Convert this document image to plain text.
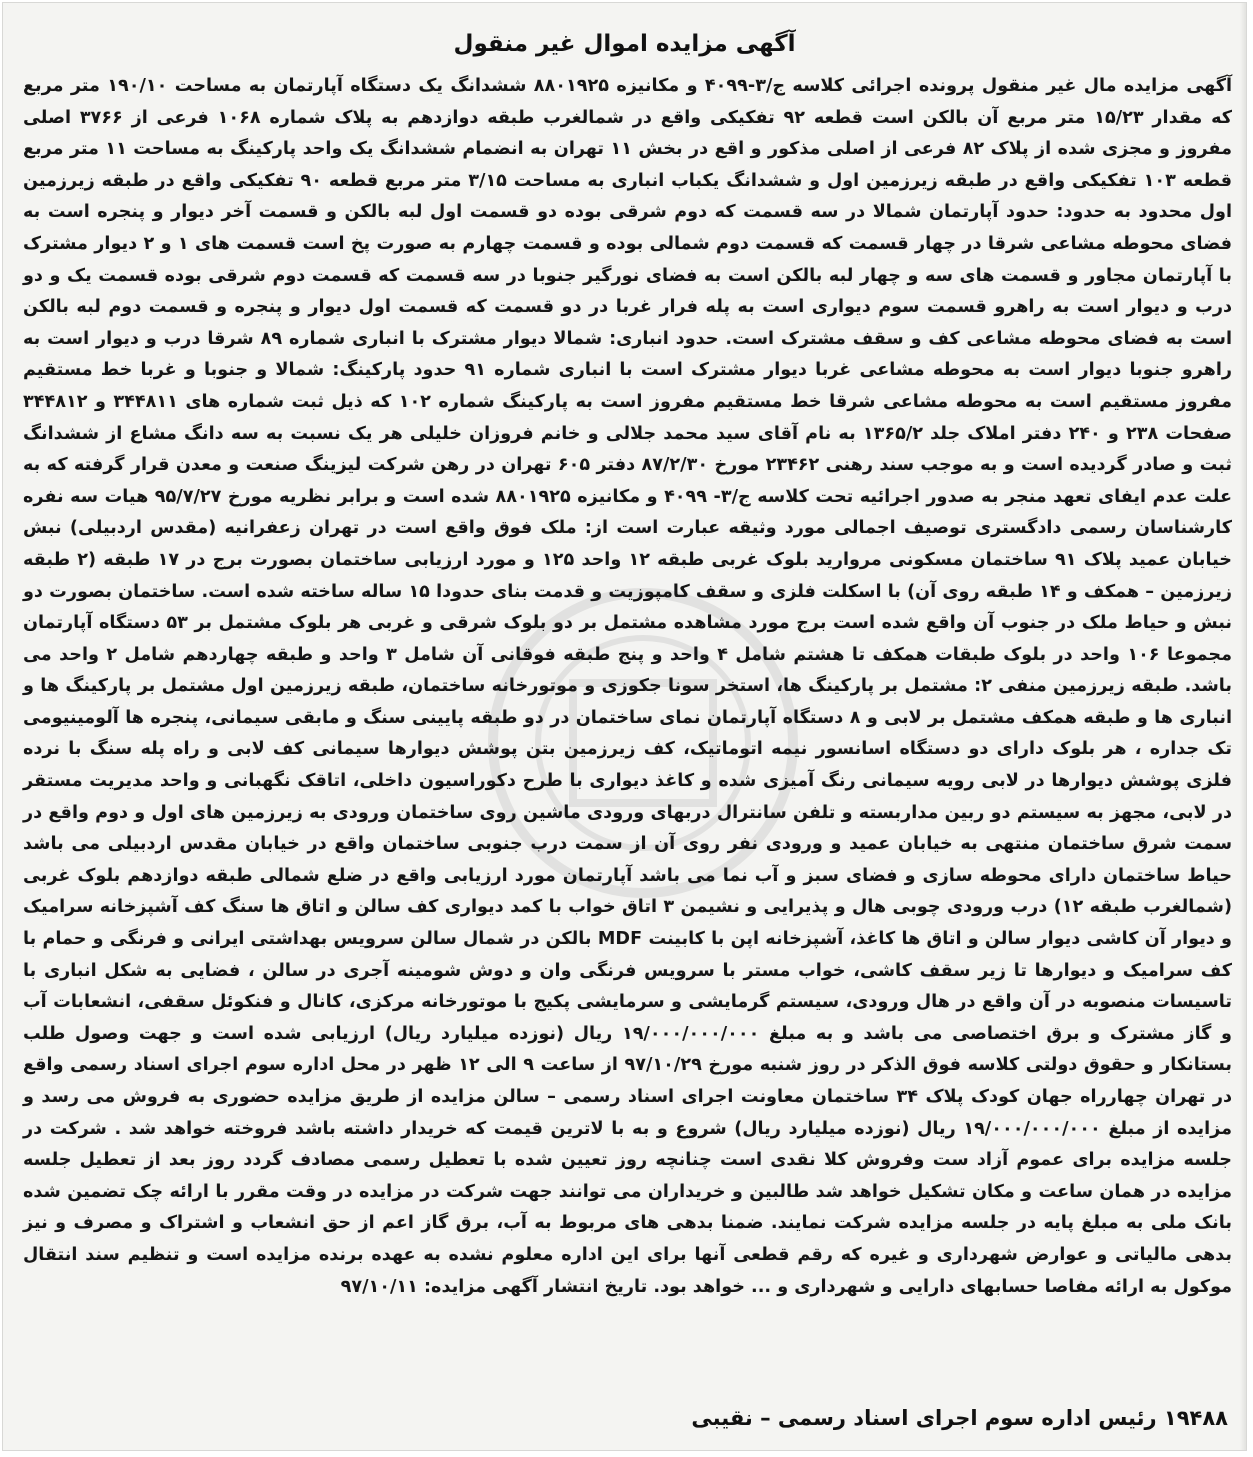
آگهی مزایده اموال غیر منقول
آگهی مزایده مال غیر منقول پرونده اجرائی کلاسه ج/۳-۴۰۹۹ و مکانیزه ۸۸۰۱۹۲۵ ششدانگ یک دستگاه آپارتمان به مساحت ۱۹۰/۱۰ متر مربع که مقدار ۱۵/۲۳ متر مربع آن بالکن است قطعه ۹۲ تفکیکی واقع در شمالغرب طبقه دوازدهم به پلاک شماره ۱۰۶۸ فرعی از ۳۷۶۶ اصلی مفروز و مجزی شده از پلاک ۸۲ فرعی از اصلی مذکور و اقع در بخش ۱۱ تهران به انضمام ششدانگ یک واحد پارکینگ به مساحت ۱۱ متر مربع قطعه ۱۰۳ تفکیکی واقع در طبقه زیرزمین اول و ششدانگ یکباب انباری به مساحت ۳/۱۵ متر مربع قطعه ۹۰ تفکیکی واقع در طبقه زیرزمین اول محدود به حدود: حدود آپارتمان شمالا در سه قسمت که دوم شرقی بوده دو قسمت اول لبه بالکن و قسمت آخر دیوار و پنجره است به فضای محوطه مشاعی شرقا در چهار قسمت که قسمت دوم شمالی بوده و قسمت چهارم به صورت پخ است قسمت های ۱ و ۲ دیوار مشترک با آپارتمان مجاور و قسمت های سه و چهار لبه بالکن است به فضای نورگیر جنوبا در سه قسمت که قسمت دوم شرقی بوده قسمت یک و دو درب و دیوار است به راهرو قسمت سوم دیواری است به پله فرار غربا در دو قسمت که قسمت اول دیوار و پنجره و قسمت دوم لبه بالکن است به فضای محوطه مشاعی کف و سقف مشترک است. حدود انباری: شمالا دیوار مشترک با انباری شماره ۸۹ شرقا درب و دیوار است به راهرو جنوبا دیوار است به محوطه مشاعی غربا دیوار مشترک است با انباری شماره ۹۱ حدود پارکینگ: شمالا و جنوبا و غربا خط مستقیم مفروز مستقیم است به محوطه مشاعی شرقا خط مستقیم مفروز است به پارکینگ شماره ۱۰۲ که ذیل ثبت شماره های ۳۴۴۸۱۱ و ۳۴۴۸۱۲ صفحات ۲۳۸ و ۲۴۰ دفتر املاک جلد ۱۳۶۵/۲ به نام آقای سید محمد جلالی و خانم فروزان خلیلی هر یک نسبت به سه دانگ مشاع از ششدانگ ثبت و صادر گردیده است و به موجب سند رهنی ۲۳۴۶۲ مورخ ۸۷/۲/۳۰ دفتر ۶۰۵ تهران در رهن شرکت لیزینگ صنعت و معدن قرار گرفته که به علت عدم ایفای تعهد منجر به صدور اجرائیه تحت کلاسه ج/۳- ۴۰۹۹ و مکانیزه ۸۸۰۱۹۲۵ شده است و برابر نظریه مورخ ۹۵/۷/۲۷ هیات سه نفره کارشناسان رسمی دادگستری توصیف اجمالی مورد وثیقه عبارت است از: ملک فوق واقع است در تهران زعفرانیه (مقدس اردبیلی) نبش خیابان عمید پلاک ۹۱ ساختمان مسکونی مروارید بلوک غربی طبقه ۱۲ واحد ۱۲۵ و مورد ارزیابی ساختمان بصورت برج در ۱۷ طبقه (۲ طبقه زیرزمین – همکف و ۱۴ طبقه روی آن) با اسکلت فلزی و سقف کامپوزیت و قدمت بنای حدودا ۱۵ ساله ساخته شده است. ساختمان بصورت دو نبش و حیاط ملک در جنوب آن واقع شده است برج مورد مشاهده مشتمل بر دو بلوک شرقی و غربی هر بلوک مشتمل بر ۵۳ دستگاه آپارتمان مجموعا ۱۰۶ واحد در بلوک طبقات همکف تا هشتم شامل ۴ واحد و پنج طبقه فوقانی آن شامل ۳ واحد و طبقه چهاردهم شامل ۲ واحد می باشد. طبقه زیرزمین منفی ۲: مشتمل بر پارکینگ ها، استخر سونا جکوزی و موتورخانه ساختمان، طبقه زیرزمین اول مشتمل بر پارکینگ ها و انباری ها و طبقه همکف مشتمل بر لابی و ۸ دستگاه آپارتمان نمای ساختمان در دو طبقه پایینی سنگ و مابقی سیمانی، پنجره ها آلومینیومی تک جداره ، هر بلوک دارای دو دستگاه اسانسور نیمه اتوماتیک، کف زیرزمین بتن پوشش دیوارها سیمانی کف لابی و راه پله سنگ با نرده فلزی پوشش دیوارها در لابی رویه سیمانی رنگ آمیزی شده و کاغذ دیواری با طرح دکوراسیون داخلی، اتاقک نگهبانی و واحد مدیریت مستقر در لابی، مجهز به سیستم دو ربین مداربسته و تلفن سانترال دربهای ورودی ماشین روی ساختمان ورودی به زیرزمین های اول و دوم واقع در سمت شرق ساختمان منتهی به خیابان عمید و ورودی نفر روی آن از سمت درب جنوبی ساختمان واقع در خیابان مقدس اردبیلی می باشد حیاط ساختمان دارای محوطه سازی و فضای سبز و آب نما می باشد آپارتمان مورد ارزیابی واقع در ضلع شمالی طبقه دوازدهم بلوک غربی (شمالغرب طبقه ۱۲) درب ورودی چوبی هال و پذیرایی و نشیمن ۳ اتاق خواب با کمد دیواری کف سالن و اتاق ها سنگ کف آشپزخانه سرامیک و دیوار آن کاشی دیوار سالن و اتاق ها کاغذ، آشپزخانه اپن با کابینت MDF بالکن در شمال سالن سرویس بهداشتی ایرانی و فرنگی و حمام با کف سرامیک و دیوارها تا زیر سقف کاشی، خواب مستر با سرویس فرنگی وان و دوش شومینه آجری در سالن ، فضایی به شکل انباری با تاسیسات منصوبه در آن واقع در هال ورودی، سیستم گرمایشی و سرمایشی پکیج با موتورخانه مرکزی، کانال و فنکوئل سقفی، انشعابات آب و گاز مشترک و برق اختصاصی می باشد و به مبلغ ۱۹/۰۰۰/۰۰۰/۰۰۰ ریال (نوزده میلیارد ریال) ارزیابی شده است و جهت وصول طلب بستانکار و حقوق دولتی کلاسه فوق الذکر در روز شنبه مورخ ۹۷/۱۰/۲۹ از ساعت ۹ الی ۱۲ ظهر در محل اداره سوم اجرای اسناد رسمی واقع در تهران چهارراه جهان کودک پلاک ۳۴ ساختمان معاونت اجرای اسناد رسمی – سالن مزایده از طریق مزایده حضوری به فروش می رسد و مزایده از مبلغ ۱۹/۰۰۰/۰۰۰/۰۰۰ ریال (نوزده میلیارد ریال) شروع و به با لاترین قیمت که خریدار داشته باشد فروخته خواهد شد . شرکت در جلسه مزایده برای عموم آزاد ست وفروش کلا نقدی است چنانچه روز تعیین شده با تعطیل رسمی مصادف گردد روز بعد از تعطیل جلسه مزایده در همان ساعت و مکان تشکیل خواهد شد طالبین و خریداران می توانند جهت شرکت در مزایده در وقت مقرر با ارائه چک تضمین شده بانک ملی به مبلغ پایه در جلسه مزایده شرکت نمایند. ضمنا بدهی های مربوط به آب، برق گاز اعم از حق انشعاب و اشتراک و مصرف و نیز بدهی مالیاتی و عوارض شهرداری و غیره که رقم قطعی آنها برای این اداره معلوم نشده به عهده برنده مزایده است و تنظیم سند انتقال موکول به ارائه مفاصا حسابهای دارایی و شهرداری و ... خواهد بود. تاریخ انتشار آگهی مزایده: ۹۷/۱۰/۱۱
۱۹۴۸۸ رئیس اداره سوم اجرای اسناد رسمی – نقیبی
